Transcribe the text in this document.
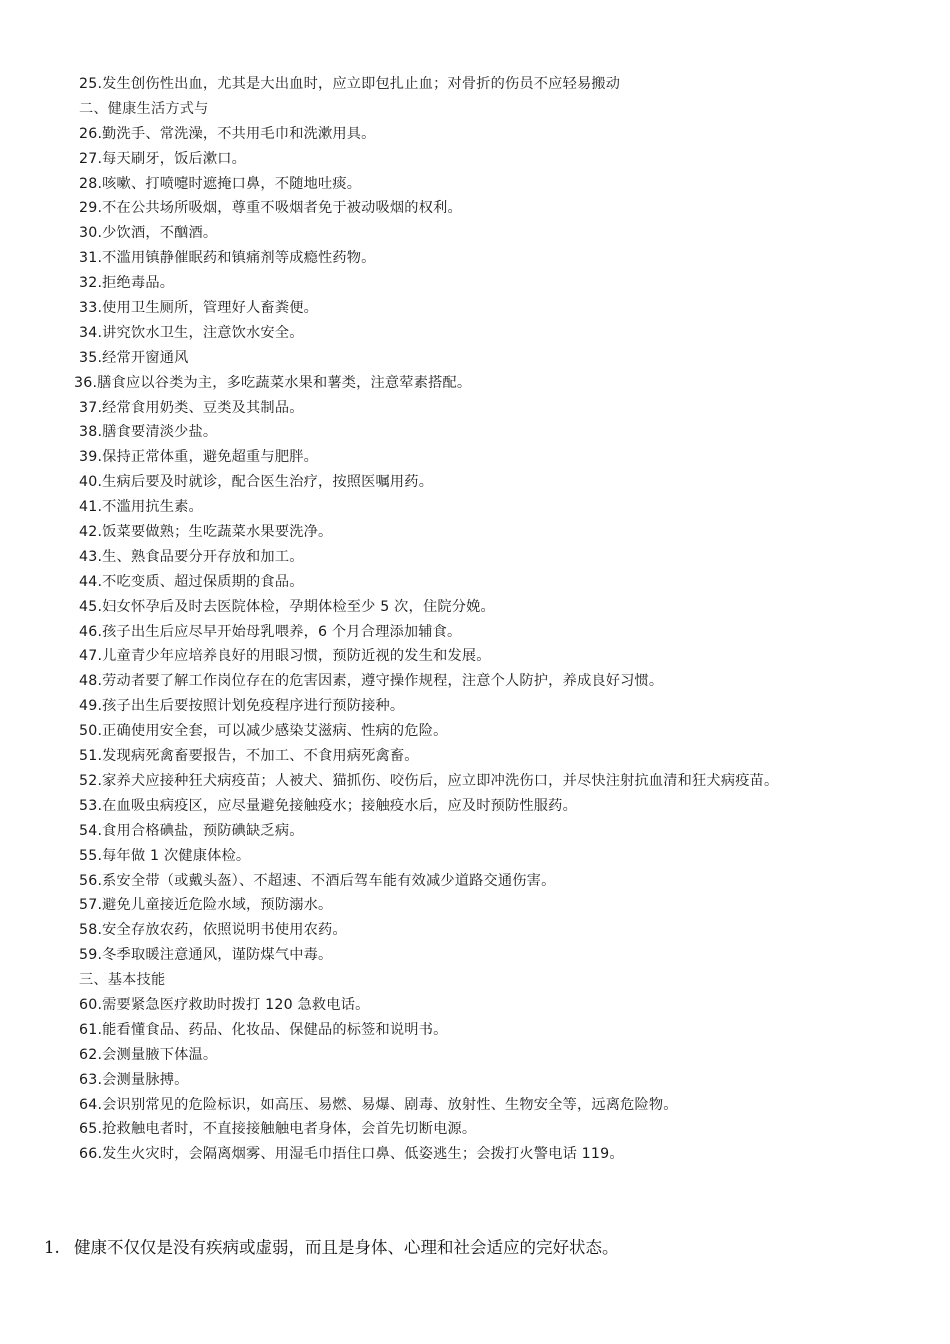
25.发生创伤性出血，尤其是大出血时，应立即包扎止血；对骨折的伤员不应轻易搬动
二、健康生活方式与
26.勤洗手、常洗澡，不共用毛巾和洗漱用具。
27.每天刷牙，饭后漱口。
28.咳嗽、打喷嚏时遮掩口鼻，不随地吐痰。
29.不在公共场所吸烟，尊重不吸烟者免于被动吸烟的权利。
30.少饮酒，不酗酒。
31.不滥用镇静催眠药和镇痛剂等成瘾性药物。
32.拒绝毒品。
33.使用卫生厕所，管理好人畜粪便。
34.讲究饮水卫生，注意饮水安全。
35.经常开窗通风
36.膳食应以谷类为主，多吃蔬菜水果和薯类，注意荤素搭配。
37.经常食用奶类、豆类及其制品。
38.膳食要清淡少盐。
39.保持正常体重，避免超重与肥胖。
40.生病后要及时就诊，配合医生治疗，按照医嘱用药。
41.不滥用抗生素。
42.饭菜要做熟；生吃蔬菜水果要洗净。
43.生、熟食品要分开存放和加工。
44.不吃变质、超过保质期的食品。
45.妇女怀孕后及时去医院体检，孕期体检至少 5 次，住院分娩。
46.孩子出生后应尽早开始母乳喂养，6 个月合理添加辅食。
47.儿童青少年应培养良好的用眼习惯，预防近视的发生和发展。
48.劳动者要了解工作岗位存在的危害因素，遵守操作规程，注意个人防护，养成良好习惯。
49.孩子出生后要按照计划免疫程序进行预防接种。
50.正确使用安全套，可以减少感染艾滋病、性病的危险。
51.发现病死禽畜要报告，不加工、不食用病死禽畜。
52.家养犬应接种狂犬病疫苗；人被犬、猫抓伤、咬伤后，应立即冲洗伤口，并尽快注射抗血清和狂犬病疫苗。
53.在血吸虫病疫区，应尽量避免接触疫水；接触疫水后，应及时预防性服药。
54.食用合格碘盐，预防碘缺乏病。
55.每年做 1 次健康体检。
56.系安全带（或戴头盔）、不超速、不酒后驾车能有效减少道路交通伤害。
57.避免儿童接近危险水域，预防溺水。
58.安全存放农药，依照说明书使用农药。
59.冬季取暖注意通风，谨防煤气中毒。
三、基本技能
60.需要紧急医疗救助时拨打 120 急救电话。
61.能看懂食品、药品、化妆品、保健品的标签和说明书。
62.会测量腋下体温。
63.会测量脉搏。
64.会识别常见的危险标识，如高压、易燃、易爆、剧毒、放射性、生物安全等，远离危险物。
65.抢救触电者时，不直接接触触电者身体，会首先切断电源。
66.发生火灾时，会隔离烟雾、用湿毛巾捂住口鼻、低姿逃生；会拨打火警电话 119。
1. 健康不仅仅是没有疾病或虚弱，而且是身体、心理和社会适应的完好状态。
